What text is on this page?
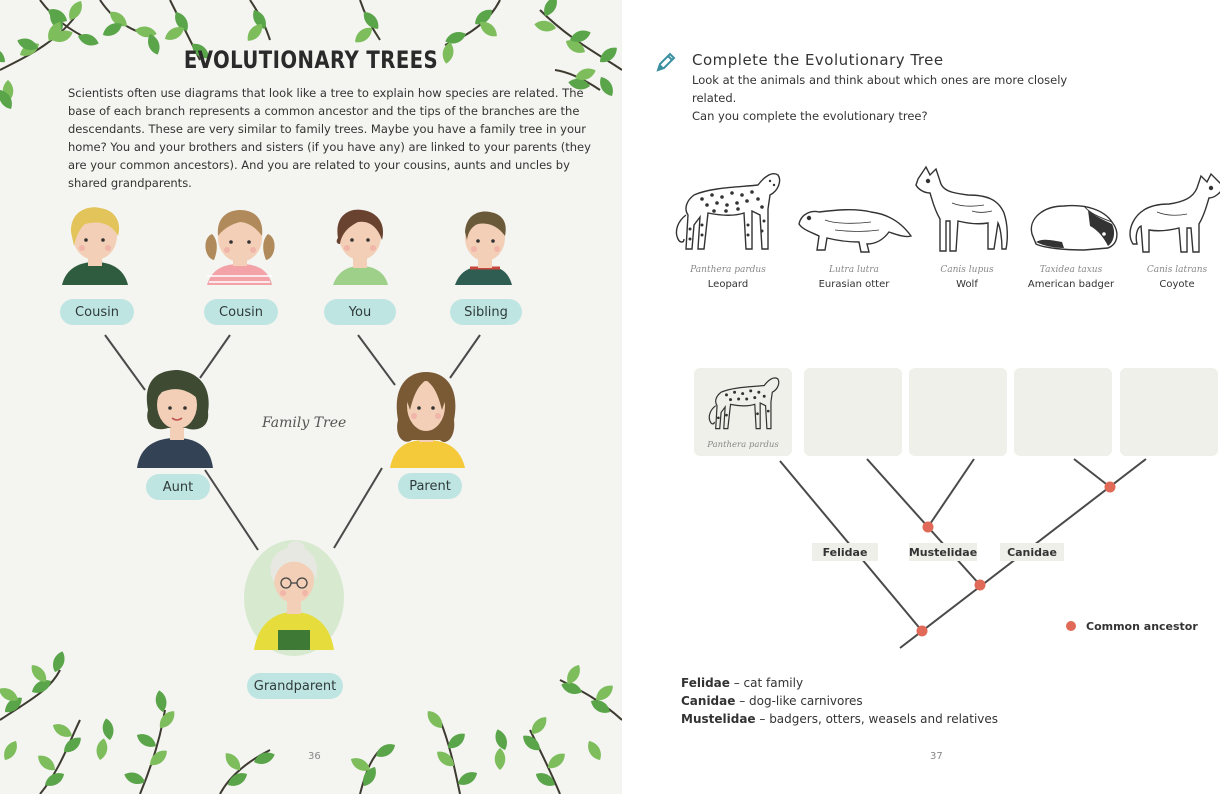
EVOLUTIONARY TREES
Scientists often use diagrams that look like a tree to explain how species are related. The base of each branch represents a common ancestor and the tips of the branches are the descendants. These are very similar to family trees. Maybe you have a family tree in your home? You and your brothers and sisters (if you have any) are linked to your parents (they are your common ancestors). And you are related to your cousins, aunts and uncles by shared grandparents.
Cousin	Cousin	You	Sibling
Aunt	Parent
Grandparent
Family Tree
36
Complete the Evolutionary Tree
Look at the animals and think about which ones are more closely related.
Can you complete the evolutionary tree?
Panthera pardus
Leopard
Lutra lutra
Eurasian otter
Canis lupus
Wolf
Taxidea taxus
American badger
Canis latrans
Coyote
Panthera pardus
Felidae	Mustelidae	Canidae
Common ancestor
Felidae – cat family
Canidae – dog-like carnivores
Mustelidae – badgers, otters, weasels and relatives
37
